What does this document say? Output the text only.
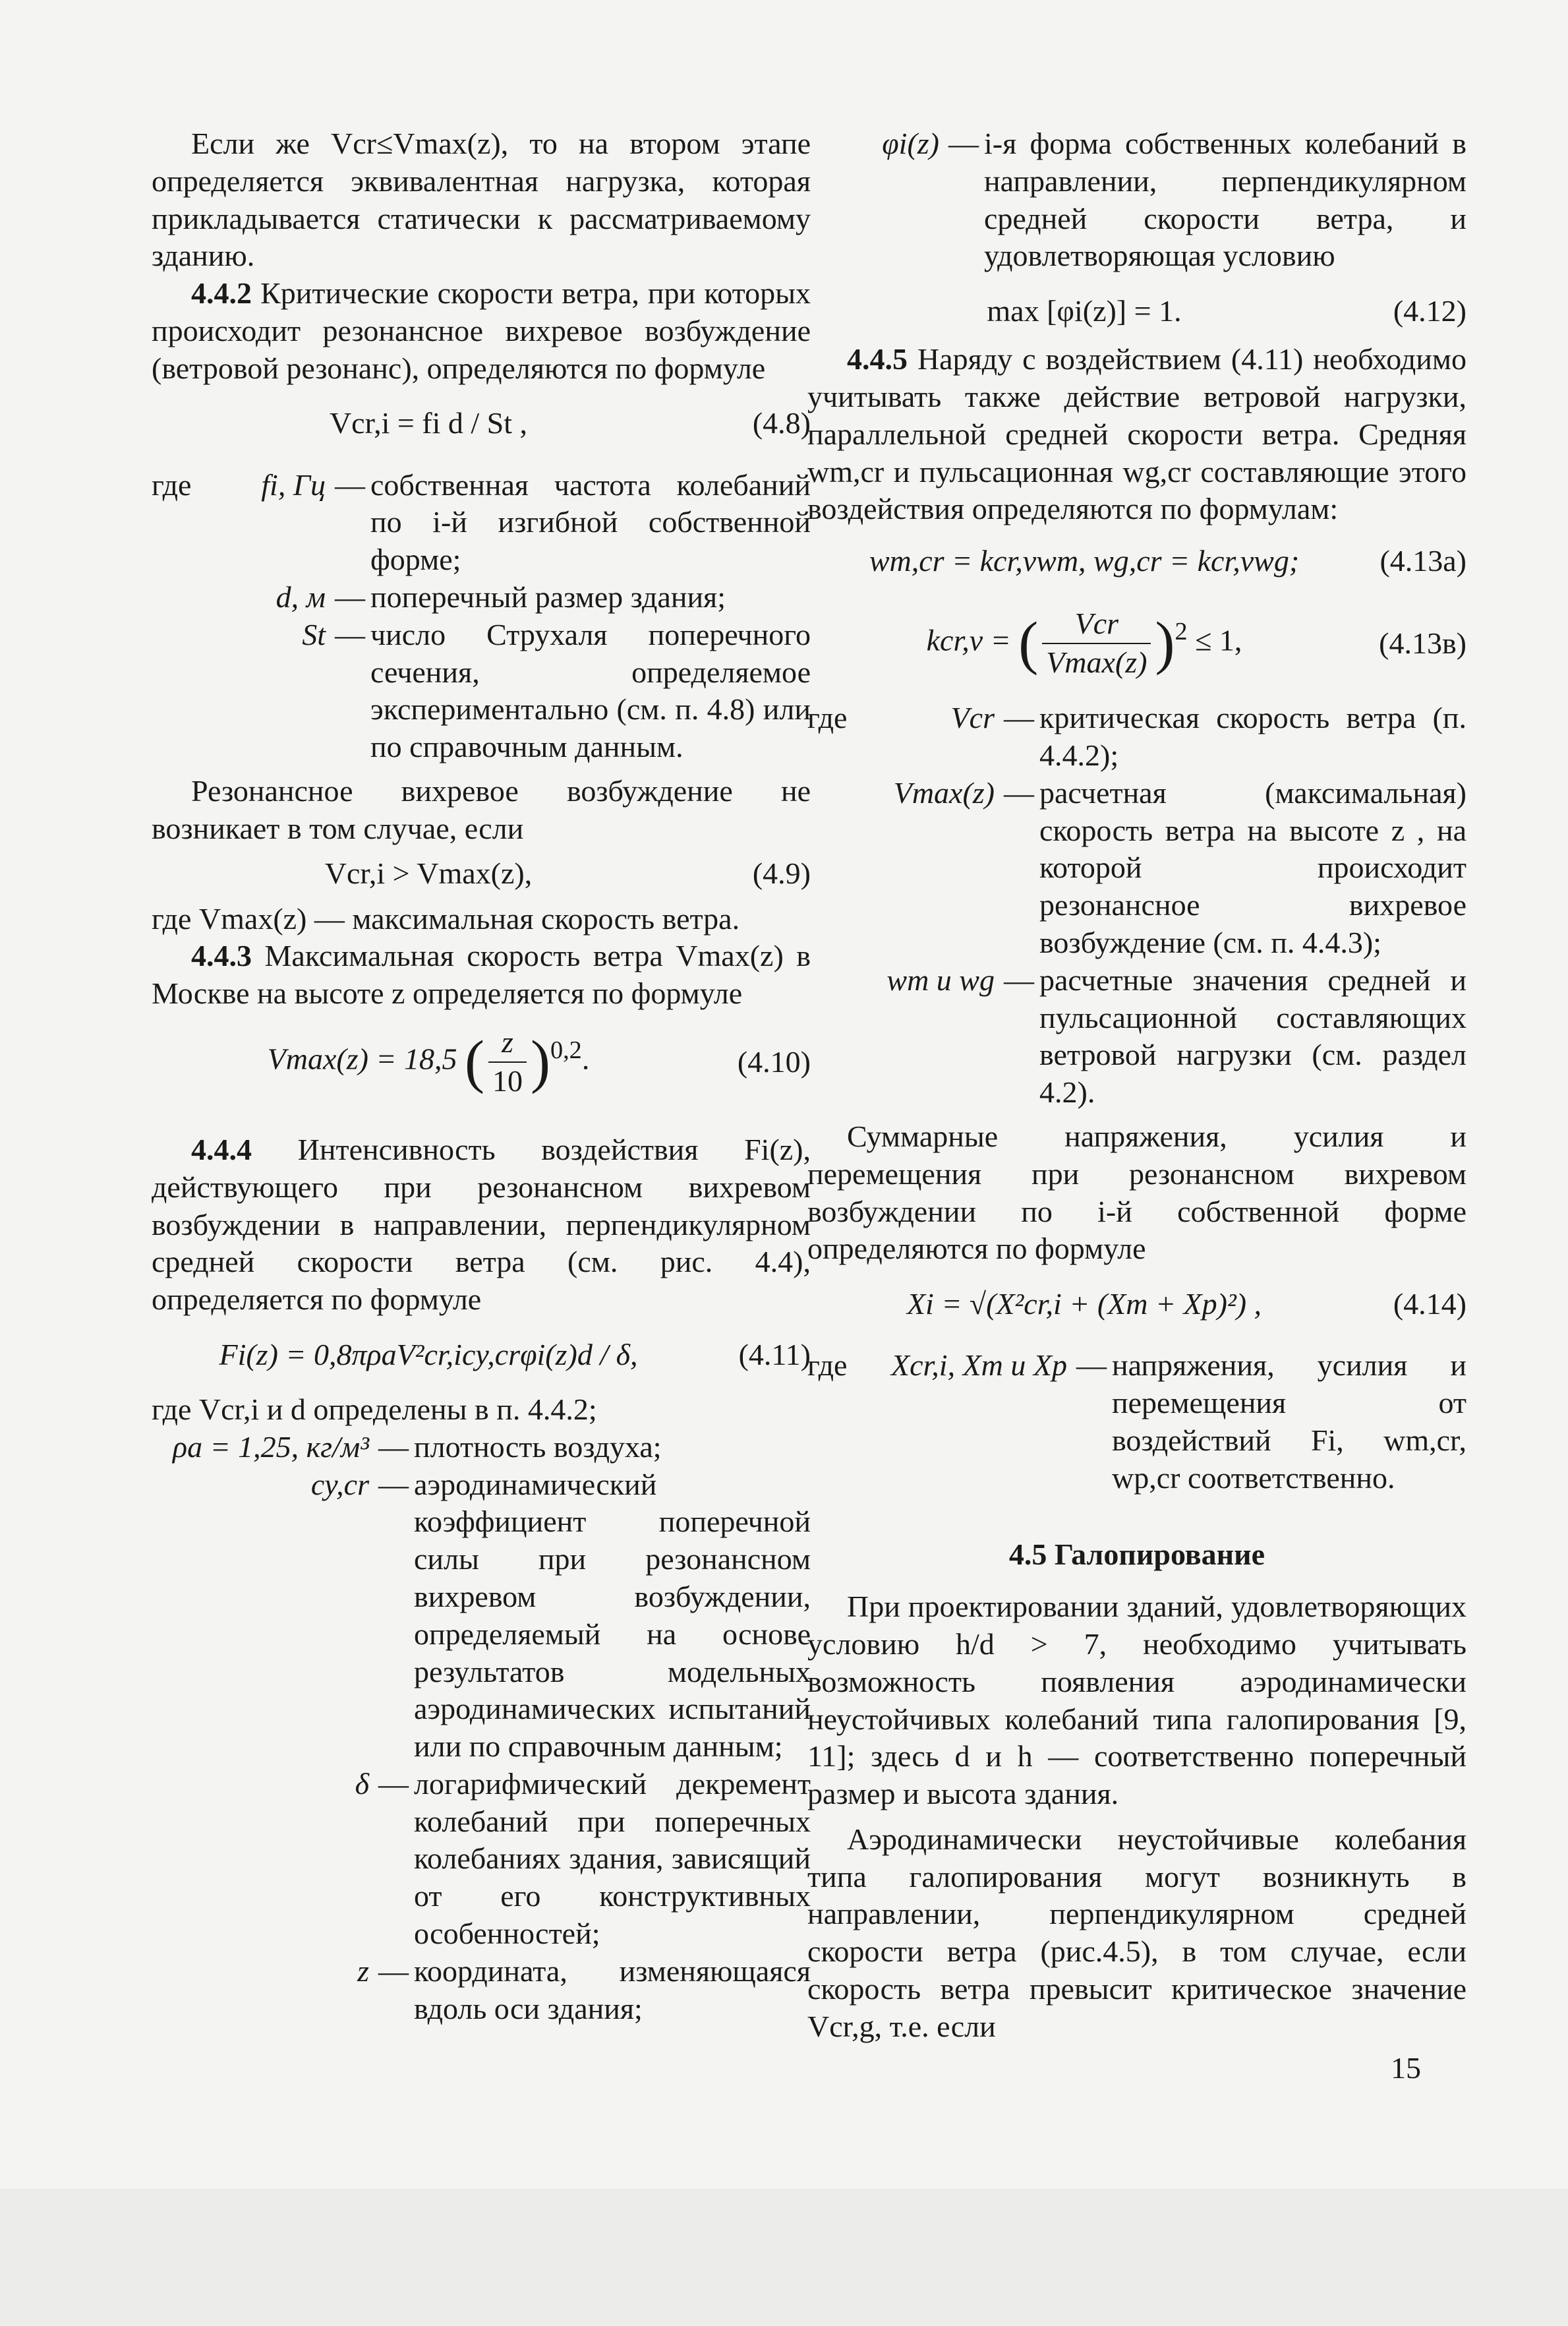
Если же Vcr≤Vmax(z), то на втором этапе определяется эквивалентная нагрузка, которая прикладывается статически к рассматриваемому зданию.

4.4.2 Критические скорости ветра, при которых происходит резонансное вихревое возбуждение (ветровой резонанс), определяются по формуле

Vcr,i = fi d / St ,	(4.8)
где	fi, Гц — собственная частота колебаний по i-й изгибной собственной форме;
d, м — поперечный размер здания;
St — число Струхаля поперечного сечения, определяемое экспериментально (см. п. 4.8) или по справочным данным.

Резонансное вихревое возбуждение не возникает в том случае, если

Vcr,i > Vmax(z),	(4.9)

где Vmax(z) — максимальная скорость ветра.

4.4.3 Максимальная скорость ветра Vmax(z) в Москве на высоте z определяется по формуле

Vmax(z) = 18,5 ( $\frac{z}{10} )^{0,2}$.	(4.10)

4.4.4 Интенсивность воздействия Fi(z), действующего при резонансном вихревом возбуждении в направлении, перпендикулярном средней скорости ветра (см. рис. 4.4), определяется по формуле

Fi(z) = 0,8πρaV²cr,icy,crφi(z)d / δ,	(4.11)

где Vcr,i и d определены в п. 4.4.2;

ρa = 1,25, кг/м³ — плотность воздуха;
cy,cr — аэродинамический коэффициент поперечной силы при резонансном вихревом возбуждении, определяемый на основе результатов модельных аэродинамических испытаний или по справочным данным;
δ — логарифмический декремент колебаний при поперечных колебаниях здания, зависящий от его конструктивных особенностей;
z — координата, изменяющаяся вдоль оси здания;
φi(z) — i-я форма собственных колебаний в направлении, перпендикулярном средней скорости ветра, и удовлетворяющая условию
max [φi(z)] = 1.	(4.12)

4.4.5 Наряду с воздействием (4.11) необходимо учитывать также действие ветровой нагрузки, параллельной средней скорости ветра. Средняя wm,cr и пульсационная wg,cr составляющие этого воздействия определяются по формулам:

wm,cr = kcr,vwm, wg,cr = kcr,vwg;	(4.13а)
kcr,v = ( $\frac{\text{Vcr}}{Vmax(z)} )^2 \le 1$,	(4.13в)
где	Vcr — критическая скорость ветра (п. 4.4.2);
Vmax(z) — расчетная (максимальная) скорость ветра на высоте z , на которой происходит резонансное вихревое возбуждение (см. п. 4.4.3);
wm и wg — расчетные значения средней и пульсационной составляющих ветровой нагрузки (см. раздел 4.2).

Суммарные напряжения, усилия и перемещения при резонансном вихревом возбуждении по i-й собственной форме определяются по формуле

Xi = √(X²cr,i + (Xm + Xp)²) ,	(4.14)
где	Xcr,i, Xm и Xp — напряжения, усилия и перемещения от воздействий Fi, wm,cr, wp,cr соответственно.
4.5 Галопирование

При проектировании зданий, удовлетворяющих условию h/d > 7, необходимо учитывать возможность появления аэродинамически неустойчивых колебаний типа галопирования [9, 11]; здесь d и h — соответственно поперечный размер и высота здания.

Аэродинамически неустойчивые колебания типа галопирования могут возникнуть в направлении, перпендикулярном средней скорости ветра (рис.4.5), в том случае, если скорость ветра превысит критическое значение Vcr,g, т.е. если

15
